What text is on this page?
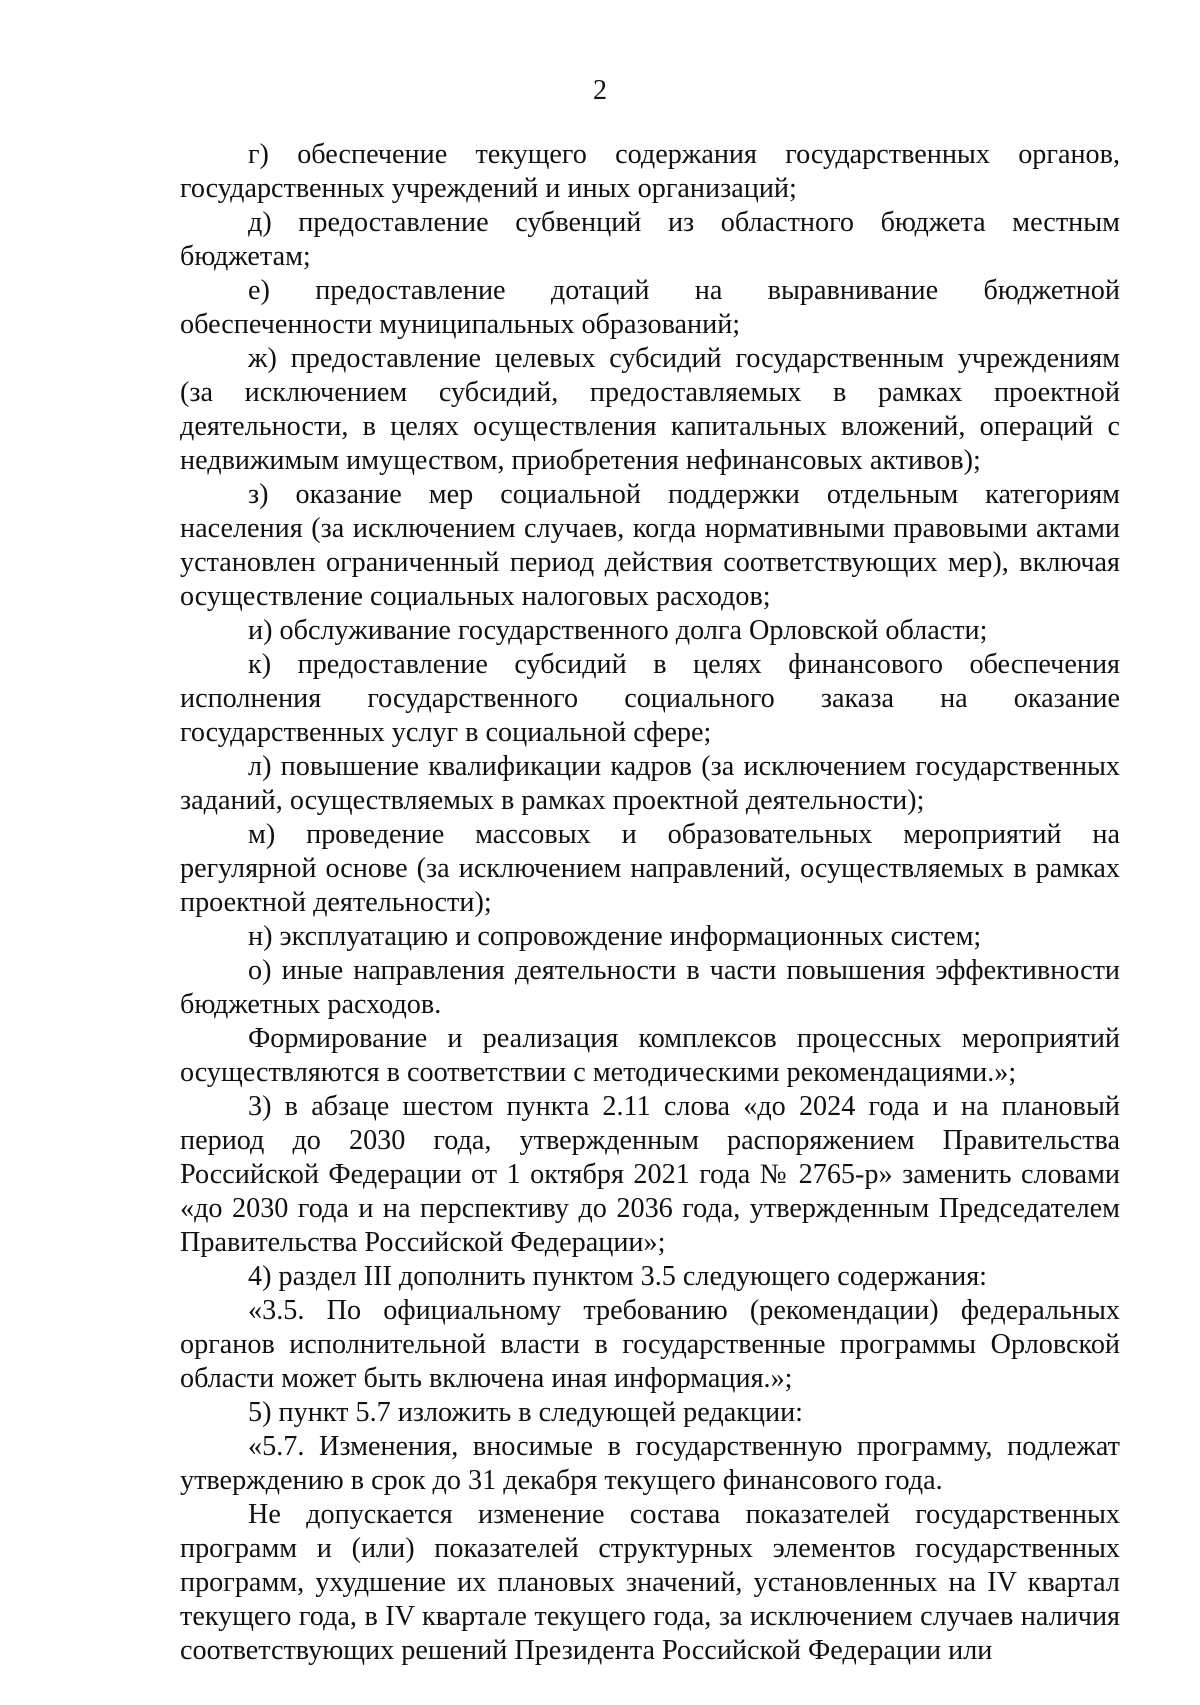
2

г) обеспечение текущего содержания государственных органов, государственных учреждений и иных организаций;

д) предоставление субвенций из областного бюджета местным бюджетам;

е) предоставление дотаций на выравнивание бюджетной обеспеченности муниципальных образований;

ж) предоставление целевых субсидий государственным учреждениям (за исключением субсидий, предоставляемых в рамках проектной деятельности, в целях осуществления капитальных вложений, операций с недвижимым имуществом, приобретения нефинансовых активов);

з) оказание мер социальной поддержки отдельным категориям населения (за исключением случаев, когда нормативными правовыми актами установлен ограниченный период действия соответствующих мер), включая осуществление социальных налоговых расходов;

и) обслуживание государственного долга Орловской области;

к) предоставление субсидий в целях финансового обеспечения исполнения государственного социального заказа на оказание государственных услуг в социальной сфере;

л) повышение квалификации кадров (за исключением государственных заданий, осуществляемых в рамках проектной деятельности);

м) проведение массовых и образовательных мероприятий на регулярной основе (за исключением направлений, осуществляемых в рамках проектной деятельности);

н) эксплуатацию и сопровождение информационных систем;

о) иные направления деятельности в части повышения эффективности бюджетных расходов.

Формирование и реализация комплексов процессных мероприятий осуществляются в соответствии с методическими рекомендациями.»;

3) в абзаце шестом пункта 2.11 слова «до 2024 года и на плановый период до 2030 года, утвержденным распоряжением Правительства Российской Федерации от 1 октября 2021 года № 2765-р» заменить словами «до 2030 года и на перспективу до 2036 года, утвержденным Председателем Правительства Российской Федерации»;

4) раздел III дополнить пунктом 3.5 следующего содержания:

«3.5. По официальному требованию (рекомендации) федеральных органов исполнительной власти в государственные программы Орловской области может быть включена иная информация.»;

5) пункт 5.7 изложить в следующей редакции:

«5.7. Изменения, вносимые в государственную программу, подлежат утверждению в срок до 31 декабря текущего финансового года.

Не допускается изменение состава показателей государственных программ и (или) показателей структурных элементов государственных программ, ухудшение их плановых значений, установленных на IV квартал текущего года, в IV квартале текущего года, за исключением случаев наличия соответствующих решений Президента Российской Федерации или
